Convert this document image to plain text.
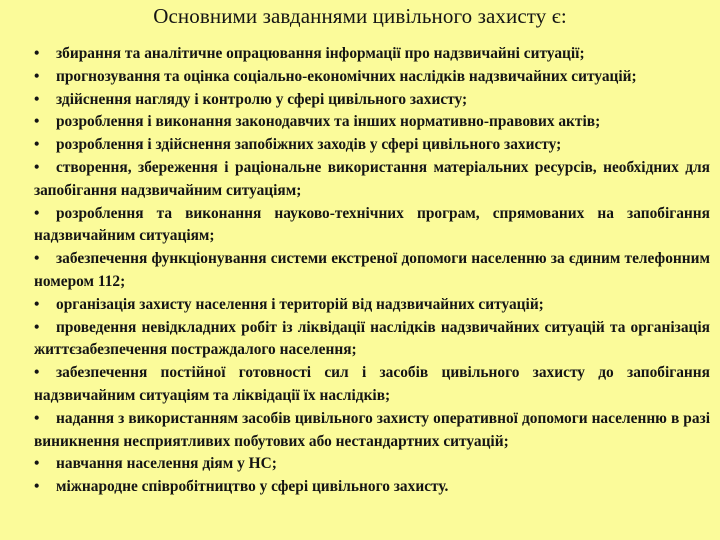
Основними завданнями цивільного захисту є:
• збирання та аналітичне опрацювання інформації про надзвичайні ситуації;
• прогнозування та оцінка соціально-економічних наслідків надзвичайних ситуацій;
• здійснення нагляду і контролю у сфері цивільного захисту;
• розроблення і виконання законодавчих та інших нормативно-правових актів;
• розроблення і здійснення запобіжних заходів у сфері цивільного захисту;
• створення, збереження і раціональне використання матеріальних ресурсів, необхідних для запобігання надзвичайним ситуаціям;
• розроблення та виконання науково-технічних програм, спрямованих на запобігання надзвичайним ситуаціям;
• забезпечення функціонування системи екстреної допомоги населенню за єдиним телефонним номером 112;
• організація захисту населення і територій від надзвичайних ситуацій;
• проведення невідкладних робіт із ліквідації наслідків надзвичайних ситуацій та організація життєзабезпечення постраждалого населення;
• забезпечення постійної готовності сил і засобів цивільного захисту до запобігання надзвичайним ситуаціям та ліквідації їх наслідків;
• надання з використанням засобів цивільного захисту оперативної допомоги населенню в разі виникнення несприятливих побутових або нестандартних ситуацій;
• навчання населення діям у НС;
• міжнародне співробітництво у сфері цивільного захисту.
